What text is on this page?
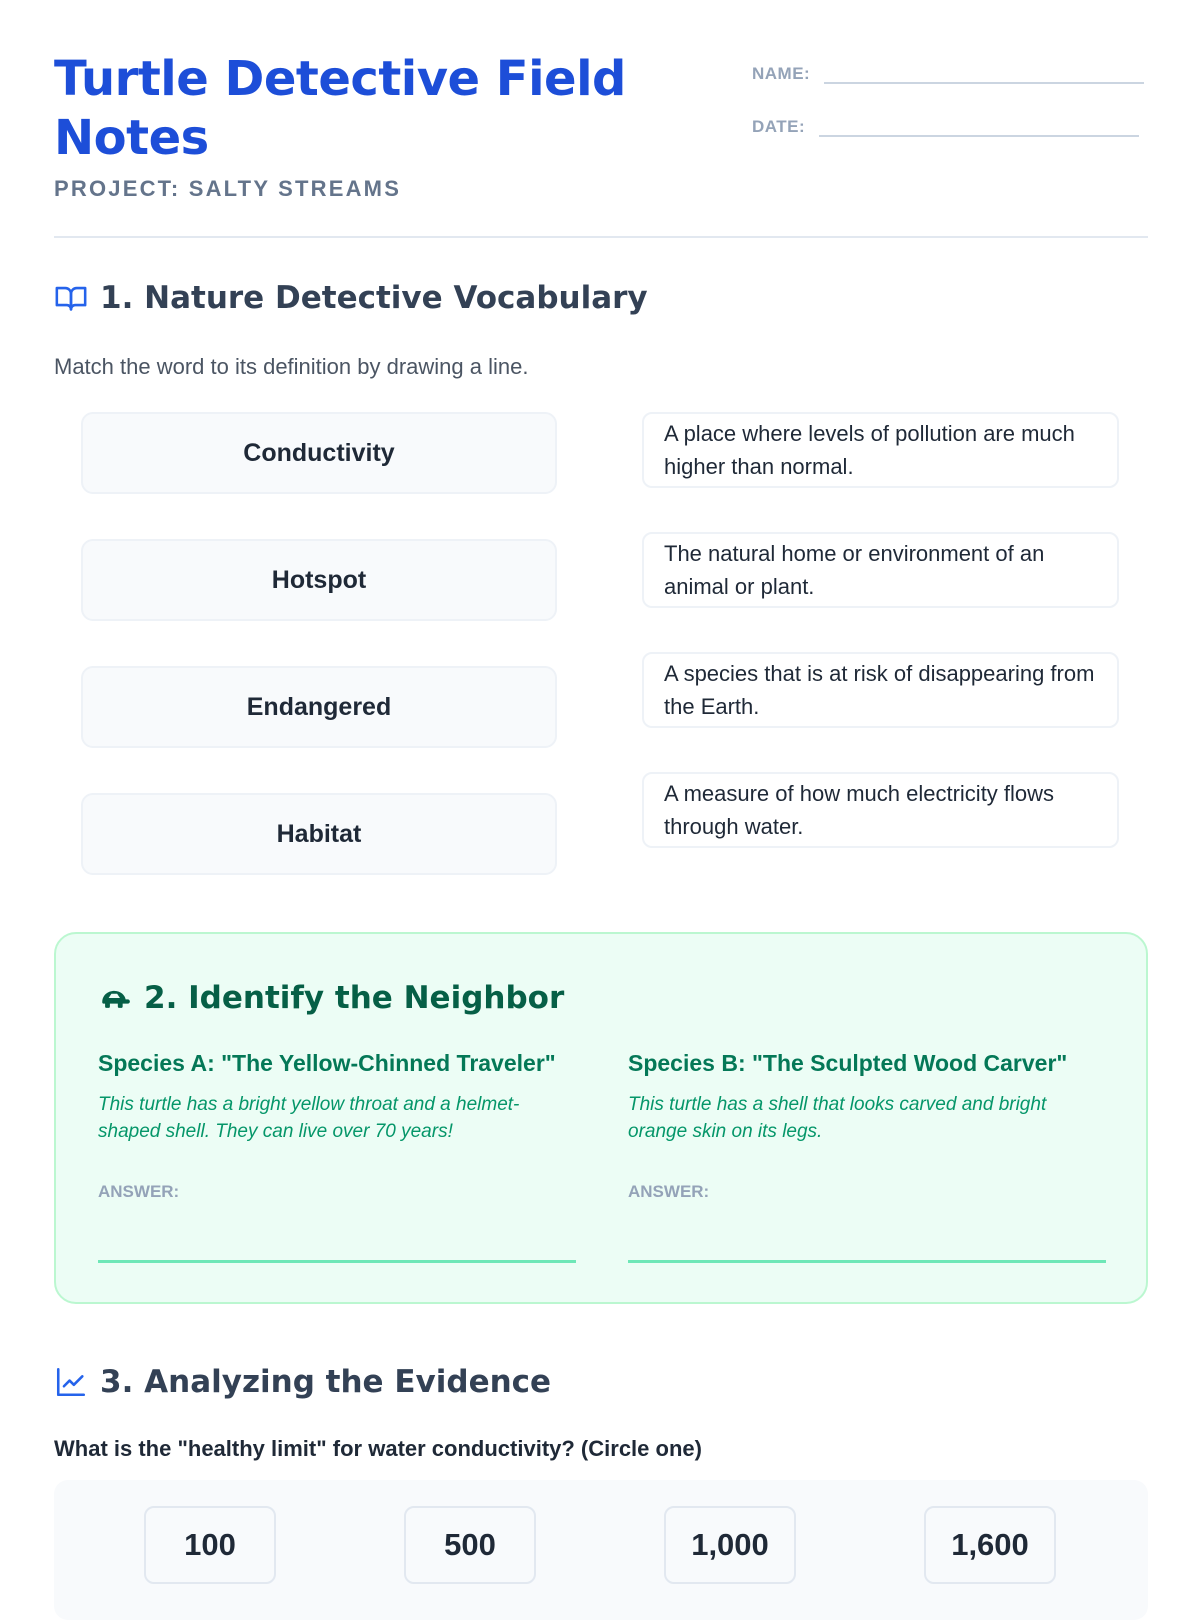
Turtle Detective Field Notes
PROJECT: SALTY STREAMS
NAME:
DATE:
1. Nature Detective Vocabulary
Match the word to its definition by drawing a line.
Conductivity
Hotspot
Endangered
Habitat
A place where levels of pollution are much higher than normal.
The natural home or environment of an animal or plant.
A species that is at risk of disappearing from the Earth.
A measure of how much electricity flows through water.
2. Identify the Neighbor
Species A: "The Yellow-Chinned Traveler"
This turtle has a bright yellow throat and a helmet-shaped shell. They can live over 70 years!
ANSWER:
Species B: "The Sculpted Wood Carver"
This turtle has a shell that looks carved and bright orange skin on its legs.
ANSWER:
3. Analyzing the Evidence
What is the "healthy limit" for water conductivity? (Circle one)
100	500	1,000	1,600
